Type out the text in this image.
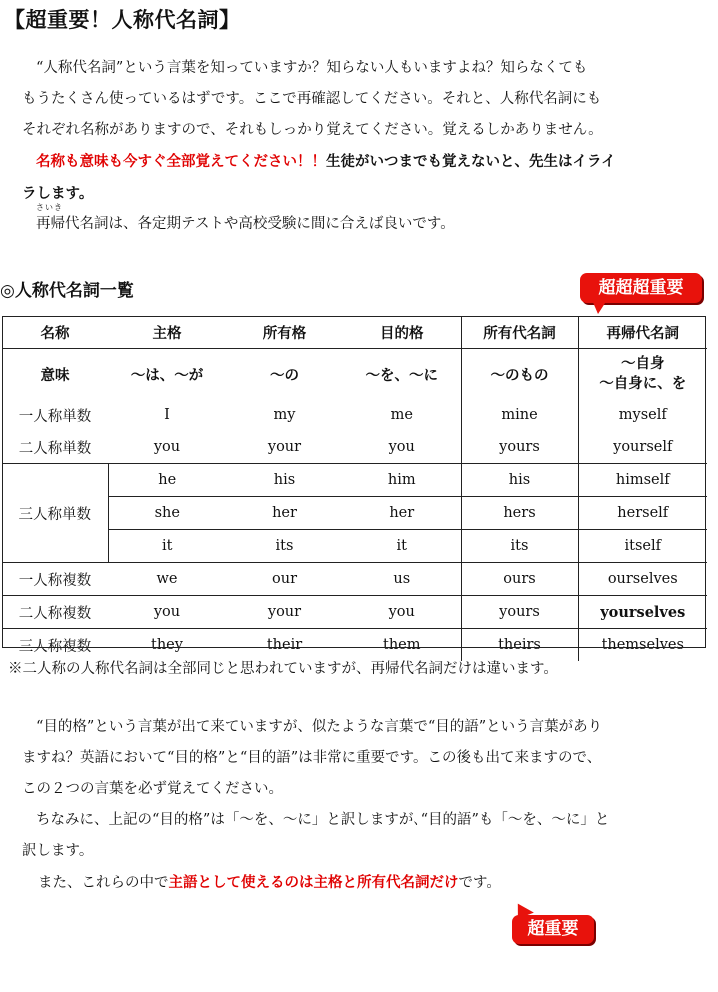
【超重要！人称代名詞】

“人称代名詞”という言葉を知っていますか？知らない人もいますよね？知らなくても

もうたくさん使っているはずです。ここで再確認してください。それと、人称代名詞にも

それぞれ名称がありますので、それもしっかり覚えてください。覚えるしかありません。

名称も意味も今すぐ全部覚えてください！！生徒がいつまでも覚えないと、先生はイライ

ラします。

さいき
再帰代名詞は、各定期テストや高校受験に間に合えば良いです。

◎人称代名詞一覧	超超超重要
名称	主格	所有格	目的格	所有代名詞	再帰代名詞
意味	～は、～が	～の	～を、～に	～のもの	～自身
～自身に、を

一人称単数	I	my	me	mine	myself
二人称単数	you	your	you	yours	yourself
三人称単数	he	his	him	his	himself
	she	her	her	hers	herself
	it	its	it	its	itself
一人称複数	we	our	us	ours	ourselves
二人称複数	you	your	you	yours	yourselves
三人称複数	they	their	them	theirs	themselves
※二人称の人称代名詞は全部同じと思われていますが、再帰代名詞だけは違います。

“目的格”という言葉が出て来ていますが、似たような言葉で“目的語”という言葉があり

ますね？英語において“目的格”と“目的語”は非常に重要です。この後も出て来ますので、

この２つの言葉を必ず覚えてください。

ちなみに、上記の“目的格”は「～を、～に」と訳しますが､“目的語”も「～を、～に」と

訳します。

また、これらの中で主語として使えるのは主格と所有代名詞だけです。

超重要
